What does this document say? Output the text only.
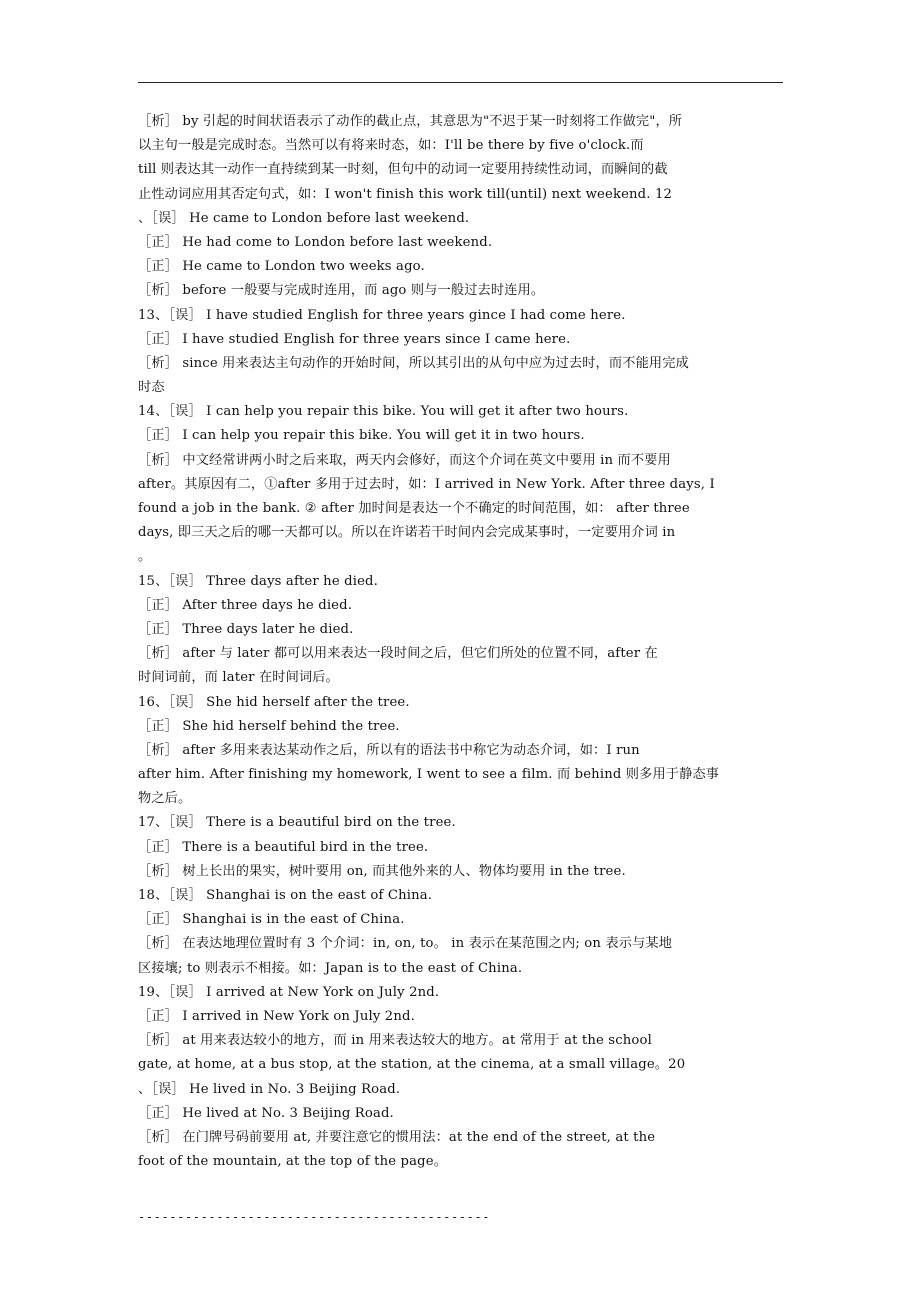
［析］ by 引起的时间状语表示了动作的截止点，其意思为"不迟于某一时刻将工作做完"，所
以主句一般是完成时态。当然可以有将来时态，如：I'll be there by five o'clock.而
till 则表达其一动作一直持续到某一时刻，但句中的动词一定要用持续性动词，而瞬间的截
止性动词应用其否定句式，如：I won't finish this work till(until) next weekend. 12
、［误］ He came to London before last weekend.
［正］ He had come to London before last weekend.
［正］ He came to London two weeks ago.
［析］ before 一般要与完成时连用，而 ago 则与一般过去时连用。
13、［误］ I have studied English for three years gince I had come here.
［正］ I have studied English for three years since I came here.
［析］ since 用来表达主句动作的开始时间，所以其引出的从句中应为过去时，而不能用完成
时态
14、［误］ I can help you repair this bike. You will get it after two hours.
［正］ I can help you repair this bike. You will get it in two hours.
［析］ 中文经常讲两小时之后来取，两天内会修好，而这个介词在英文中要用 in 而不要用
after。其原因有二，①after 多用于过去时，如：I arrived in New York. After three days, I
found a job in the bank. ② after 加时间是表达一个不确定的时间范围，如： after three
days, 即三天之后的哪一天都可以。所以在许诺若干时间内会完成某事时，一定要用介词 in
。
15、［误］ Three days after he died.
［正］ After three days he died.
［正］ Three days later he died.
［析］ after 与 later 都可以用来表达一段时间之后，但它们所处的位置不同，after 在
时间词前，而 later 在时间词后。
16、［误］ She hid herself after the tree.
［正］ She hid herself behind the tree.
［析］ after 多用来表达某动作之后，所以有的语法书中称它为动态介词，如：I run
after him. After finishing my homework, I went to see a film. 而 behind 则多用于静态事
物之后。
17、［误］ There is a beautiful bird on the tree.
［正］ There is a beautiful bird in the tree.
［析］ 树上长出的果实，树叶要用 on, 而其他外来的人、物体均要用 in the tree.
18、［误］ Shanghai is on the east of China.
［正］ Shanghai is in the east of China.
［析］ 在表达地理位置时有 3 个介词：in, on, to。 in 表示在某范围之内; on 表示与某地
区接壤; to 则表示不相接。如：Japan is to the east of China.
19、［误］ I arrived at New York on July 2nd.
［正］ I arrived in New York on July 2nd.
［析］ at 用来表达较小的地方，而 in 用来表达较大的地方。at 常用于 at the school
gate, at home, at a bus stop, at the station, at the cinema, at a small village。20
、［误］ He lived in No. 3 Beijing Road.
［正］ He lived at No. 3 Beijing Road.
［析］ 在门牌号码前要用 at, 并要注意它的惯用法：at the end of the street, at the
foot of the mountain, at the top of the page。
---------------------------------------------
